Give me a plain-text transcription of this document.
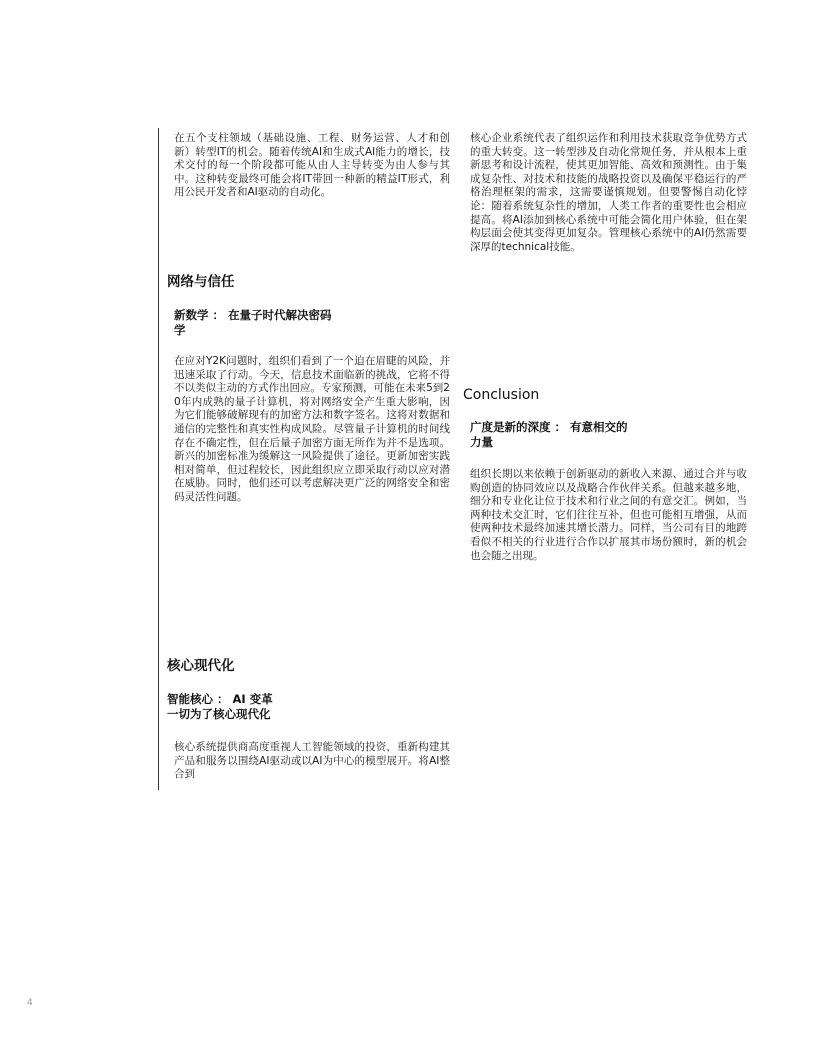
在五个支柱领域（基础设施、工程、财务运营、人才和创新）转型IT的机会。随着传统AI和生成式AI能力的增长，技术交付的每一个阶段都可能从由人主导转变为由人参与其中。这种转变最终可能会将IT带回一种新的精益IT形式，利用公民开发者和AI驱动的自动化。

网络与信任
新数学 ： 在量子时代解决密码
学

在应对Y2K问题时，组织们看到了一个迫在眉睫的风险，并迅速采取了行动。今天，信息技术面临新的挑战，它将不得不以类似主动的方式作出回应。专家预测，可能在未来5到20年内成熟的量子计算机，将对网络安全产生重大影响，因为它们能够破解现有的加密方法和数字签名。这将对数据和通信的完整性和真实性构成风险。尽管量子计算机的时间线存在不确定性，但在后量子加密方面无所作为并不是选项。新兴的加密标准为缓解这一风险提供了途径。更新加密实践相对简单，但过程较长，因此组织应立即采取行动以应对潜在威胁。同时，他们还可以考虑解决更广泛的网络安全和密码灵活性问题。

核心现代化
智能核心 ： AI 变革
一切为了核心现代化

核心系统提供商高度重视人工智能领域的投资，重新构建其产品和服务以围绕AI驱动或以AI为中心的模型展开。将AI整合到

核心企业系统代表了组织运作和利用技术获取竞争优势方式的重大转变。这一转型涉及自动化常规任务，并从根本上重新思考和设计流程，使其更加智能、高效和预测性。由于集成复杂性、对技术和技能的战略投资以及确保平稳运行的严格治理框架的需求，这需要谨慎规划。但要警惕自动化悖论：随着系统复杂性的增加，人类工作者的重要性也会相应提高。将AI添加到核心系统中可能会简化用户体验，但在架构层面会使其变得更加复杂。管理核心系统中的AI仍然需要深厚的technical技能。

Conclusion
广度是新的深度 ： 有意相交的
力量

组织长期以来依赖于创新驱动的新收入来源、通过合并与收购创造的协同效应以及战略合作伙伴关系。但越来越多地，细分和专业化让位于技术和行业之间的有意交汇。例如，当两种技术交汇时，它们往往互补，但也可能相互增强，从而使两种技术最终加速其增长潜力。同样，当公司有目的地跨看似不相关的行业进行合作以扩展其市场份额时，新的机会也会随之出现。

4
